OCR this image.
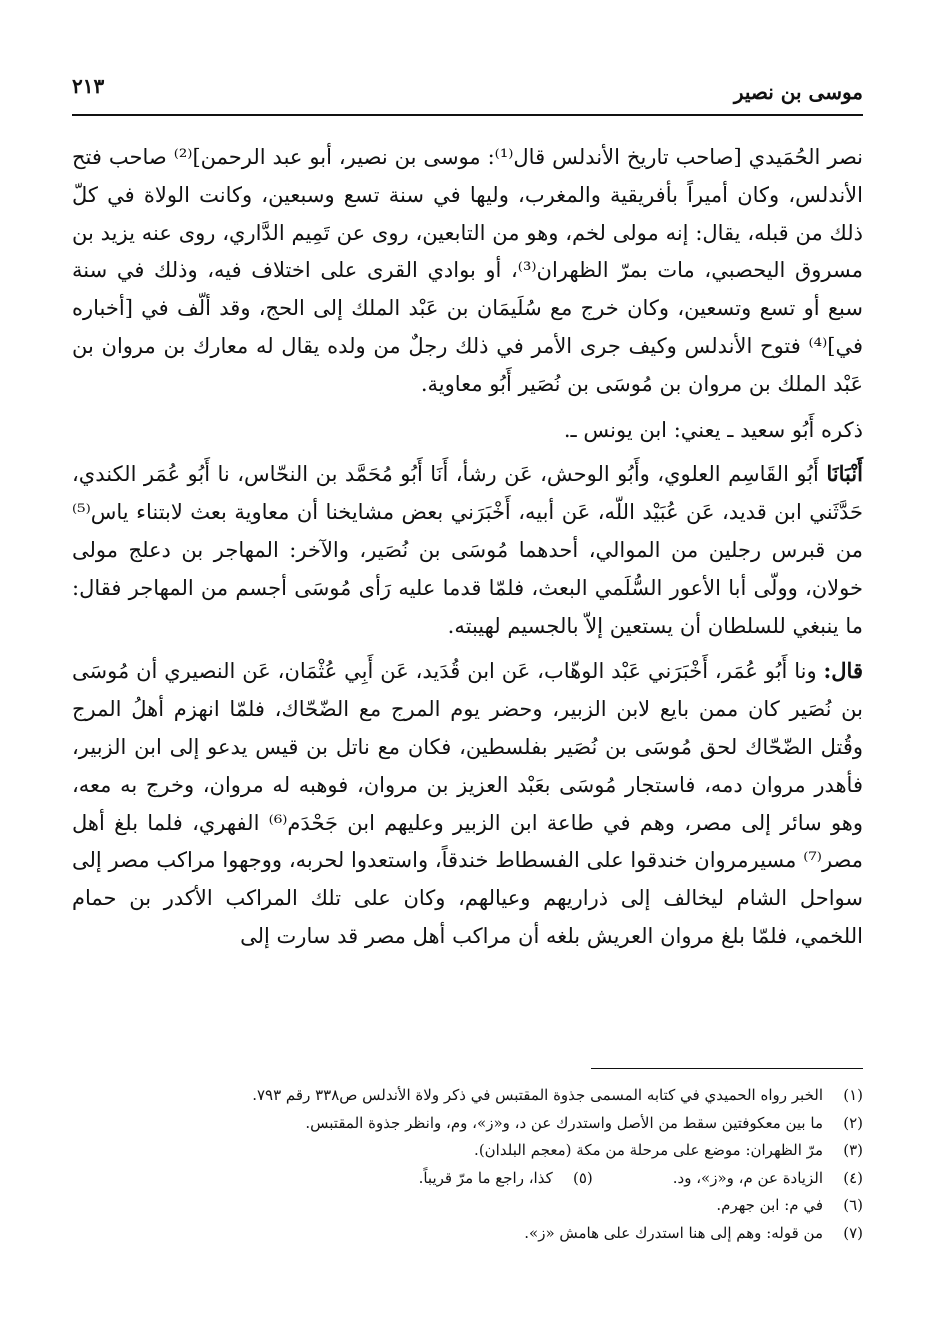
موسى بن نصير
٢١٣

نصر الحُمَيدي [صاحب تاريخ الأندلس قال⁽¹⁾: موسى بن نصير، أبو عبد الرحمن]⁽²⁾ صاحب فتح الأندلس، وكان أميراً بأفريقية والمغرب، وليها في سنة تسع وسبعين، وكانت الولاة في كلّ ذلك من قبله، يقال: إنه مولى لخم، وهو من التابعين، روى عن تَمِيم الدَّاري، روى عنه يزيد بن مسروق اليحصبي، مات بمرّ الظهران⁽³⁾، أو بوادي القرى على اختلاف فيه، وذلك في سنة سبع أو تسع وتسعين، وكان خرج مع سُلَيمَان بن عَبْد الملك إلى الحج، وقد ألّف في [أخباره في]⁽⁴⁾ فتوح الأندلس وكيف جرى الأمر في ذلك رجلٌ من ولده يقال له معارك بن مروان بن عَبْد الملك بن مروان بن مُوسَى بن نُصَير أَبُو معاوية.

ذكره أَبُو سعيد ـ يعني: ابن يونس ـ.

أَنْبَانَا أَبُو القَاسِم العلوي، وأَبُو الوحش، عَن رشأ، أَنَا أَبُو مُحَمَّد بن النحّاس، نا أَبُو عُمَر الكندي، حَدَّثَني ابن قديد، عَن عُبَيْد اللّه، عَن أبيه، أَخْبَرَني بعض مشايخنا أن معاوية بعث لابتناء ياس⁽⁵⁾ من قبرس رجلين من الموالي، أحدهما مُوسَى بن نُصَير، والآخر: المهاجر بن دعلج مولى خولان، وولّى أبا الأعور السُّلَمي البعث، فلمّا قدما عليه رَأى مُوسَى أجسم من المهاجر فقال: ما ينبغي للسلطان أن يستعين إلاّ بالجسيم لهيبته.

قال: ونا أَبُو عُمَر، أَخْبَرَني عَبْد الوهّاب، عَن ابن قُدَيد، عَن أَبِي عُثْمَان، عَن النصيري أن مُوسَى بن نُصَير كان ممن بايع لابن الزبير، وحضر يوم المرج مع الضّحّاك، فلمّا انهزم أهلُ المرج وقُتل الضّحّاك لحق مُوسَى بن نُصَير بفلسطين، فكان مع ناتل بن قيس يدعو إلى ابن الزبير، فأهدر مروان دمه، فاستجار مُوسَى بعَبْد العزيز بن مروان، فوهبه له مروان، وخرج به معه، وهو سائر إلى مصر، وهم في طاعة ابن الزبير وعليهم ابن جَحْدَم⁽⁶⁾ الفهري، فلما بلغ أهل مصر⁽⁷⁾ مسيرمروان خندقوا على الفسطاط خندقاً، واستعدوا لحربه، ووجهوا مراكب مصر إلى سواحل الشام ليخالف إلى ذراريهم وعيالهم، وكان على تلك المراكب الأكدر بن حمام اللخمي، فلمّا بلغ مروان العريش بلغه أن مراكب أهل مصر قد سارت إلى

(١)
الخبر رواه الحميدي في كتابه المسمى جذوة المقتبس في ذكر ولاة الأندلس ص٣٣٨ رقم ٧٩٣.
(٢)
ما بين معكوفتين سقط من الأصل واستدرك عن د، و«ز»، وم، وانظر جذوة المقتبس.
(٣)
مرّ الظهران: موضع على مرحلة من مكة (معجم البلدان).
(٤)
الزيادة عن م، و«ز»، ود.
(٥)
كذا، راجع ما مرّ قريباً.
(٦)
في م: ابن جهرم.
(٧)
من قوله: وهم إلى هنا استدرك على هامش «ز».
